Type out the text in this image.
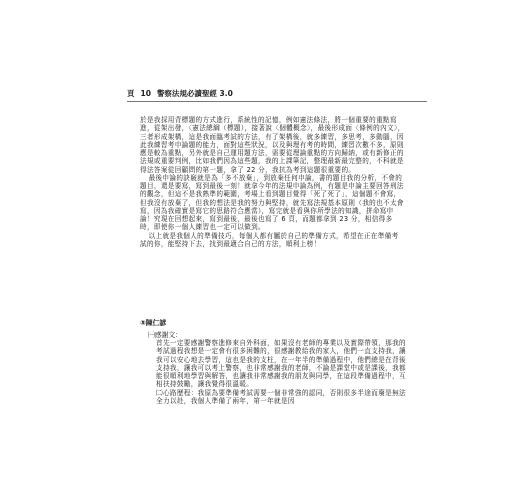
頁 10 警察法規必讀聖經 3.0

於是我採用背標題的方式進行，系統性的記憶，例如憲法條法，將一個重要的重點寫進，從架出發，〈憲法總綱（標題），接著說〈個體概念〉，最後形成面〈條例的內文〉，三者形成架構，這是我面臨考試的方法，有了架構後，就多練習，多思考，多動腦，因此我練習考申論題的能力，面對這些狀況，以及與理有考的時間，練習次數不多，原則應是較為重點，另外就是自己運用題方法，需要從理論重點的方向歸納，或有新修正的法規或重要判例，比如我們因為這些題，我的上課筆記，整理最新最完整的，不科就是得法答案從回顧問的第一題，拿了 22 分，我抗為考到這題很重要的。

最後申論的訣竅就是為「多不放棄」，到放棄任何申論，書的題目我的分析，不會的題目，還是要寫，寫到最後一刻！就拿今年的法規申論為例，有題是申論主要回答刑法的觀念，但這不是我熟準的範圍，考場上看到題目覺得「死了死了」，這個題不會寫，但我沒有放棄了，但我的想法是我的努力與堅持，就先寫法規基本原則（我的也不太會寫，因為我確實是寫它的思路符合應當），寫完就是看與你所學法的知識，拼命寫申論！究現在回想起來，寫到最後，最後也寫了 6 頁，而題都拿到 23 分，相信得多時，即使你一個人練習也一定可以做到。

以上就是我個人的準備技巧，每個人都有屬於自己的準備方式，希望在正在準備考試的你，能堅持下去，找到最適合自己的方法，順利上榜！

⑤陳仁諺
㈠感謝文：

首先一定要感謝警察進修來自外科面，如果沒有老師的專業以及實際帶領，那我的考試過程我想是一定會有很多困難的，很感謝教給我的家人，他們一直支持我，讓我可以安心地去學習，這也是我的支柱，在一年半的準備過程中，他們總是在背後支持我，讓我可以考上警察，也非常感謝我的老師，不論是課堂中或是課後，我都能很順利地學習與解答，也讓我非常感謝我的朋友與同學，在這段準備過程中，互相扶持鼓勵，讓我覺得很溫暖。

㈡心路歷程：我原為要準備考試需要一個非常強的認同，否則很多半途而廢是無法全力以赴，我個人準備了兩年，第一年就是因
